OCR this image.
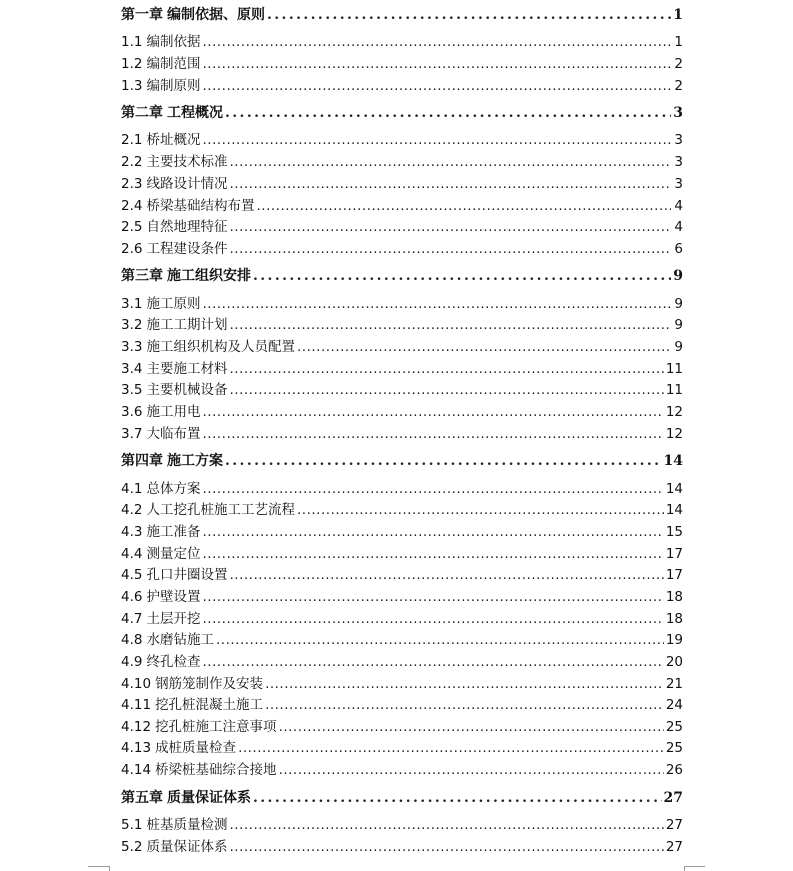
第一章 编制依据、原则 .....	1
1.1 编制依据 .....	1
1.2 编制范围 .....	2
1.3 编制原则 .....	2
第二章 工程概况 .....	3
2.1 桥址概况 .....	3
2.2 主要技术标准 .....	3
2.3 线路设计情况 .....	3
2.4 桥梁基础结构布置 .....	4
2.5 自然地理特征 .....	4
2.6 工程建设条件 .....	6
第三章 施工组织安排 .....	9
3.1 施工原则 .....	9
3.2 施工工期计划 .....	9
3.3 施工组织机构及人员配置 .....	9
3.4 主要施工材料 .....	11
3.5 主要机械设备 .....	11
3.6 施工用电 .....	12
3.7 大临布置 .....	12
第四章 施工方案 .....	14
4.1 总体方案 .....	14
4.2 人工挖孔桩施工工艺流程 .....	14
4.3 施工准备 .....	15
4.4 测量定位 .....	17
4.5 孔口井圈设置 .....	17
4.6 护壁设置 .....	18
4.7 土层开挖 .....	18
4.8 水磨钻施工 .....	19
4.9 终孔检查 .....	20
4.10 钢筋笼制作及安装 .....	21
4.11 挖孔桩混凝土施工 .....	24
4.12 挖孔桩施工注意事项 .....	25
4.13 成桩质量检查 .....	25
4.14 桥梁桩基础综合接地 .....	26
第五章 质量保证体系 .....	27
5.1 桩基质量检测 .....	27
5.2 质量保证体系 .....	27
